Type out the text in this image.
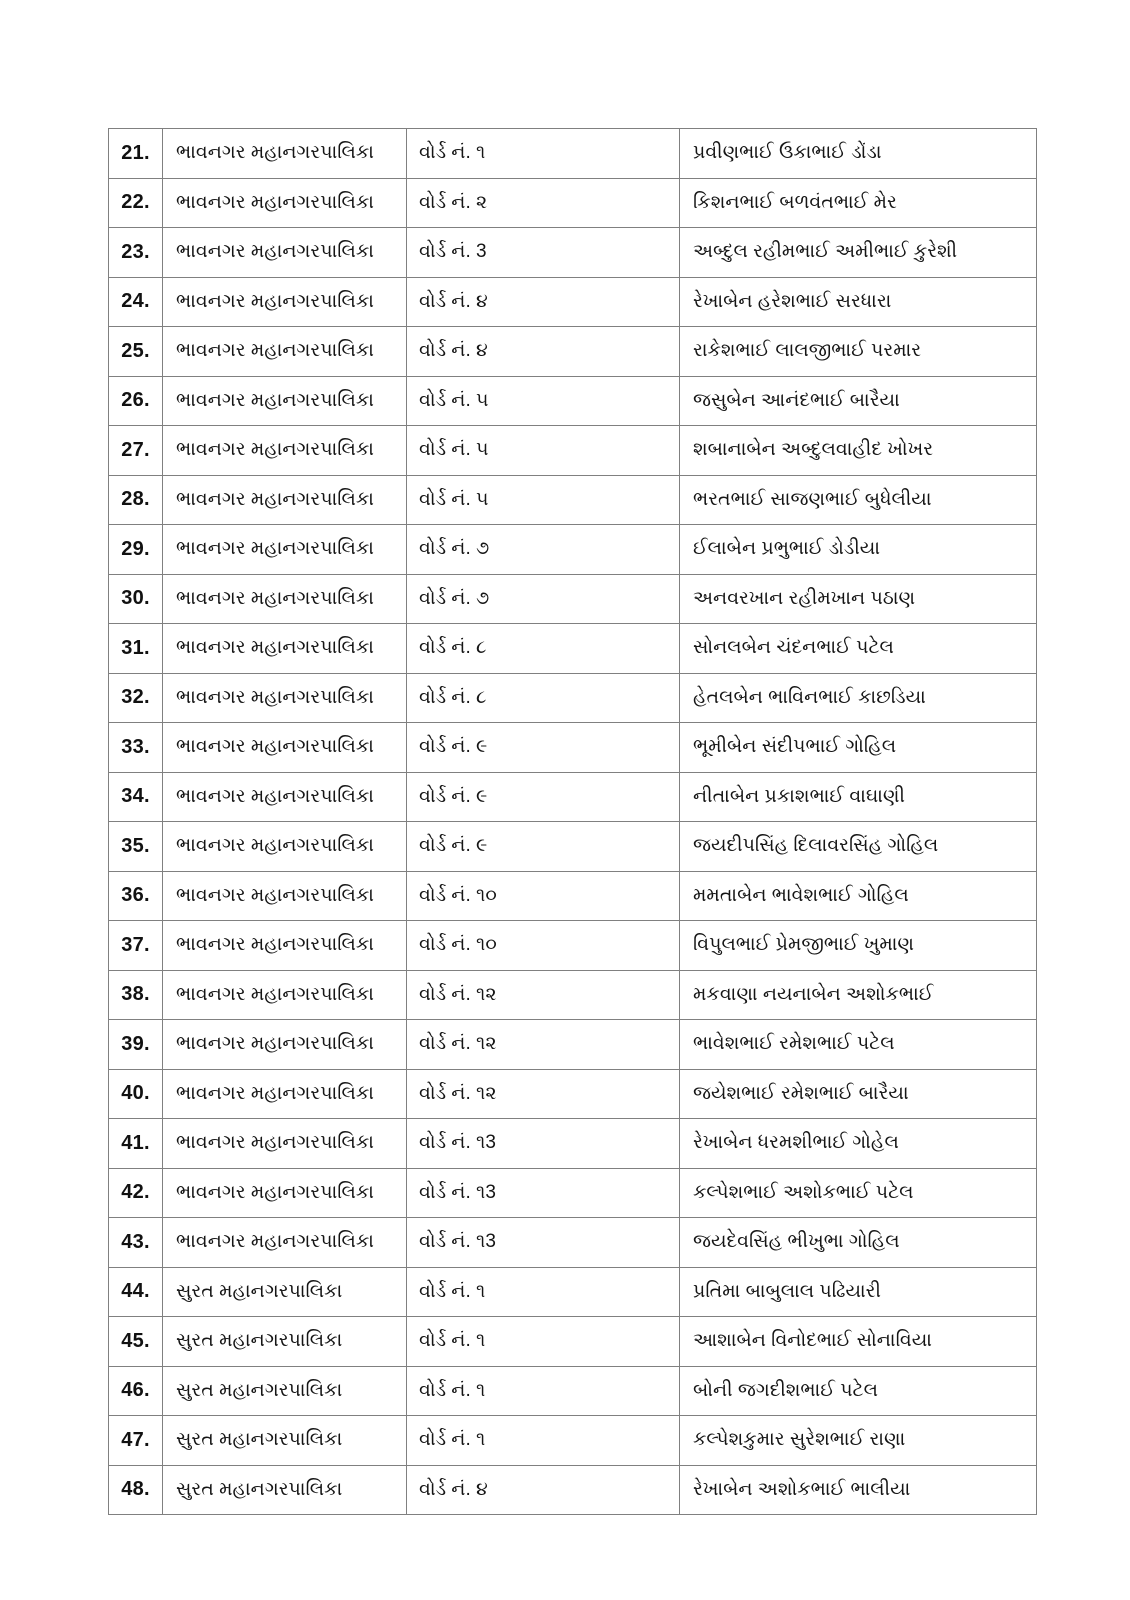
21.	ભાવનગર મહાનગરપાલિકા	વોર્ડ નં. ૧	પ્રવીણભાઈ ઉકાભાઈ ડોંડા
22.	ભાવનગર મહાનગરપાલિકા	વોર્ડ નં. ૨	કિશનભાઈ બળવંતભાઈ મેર
23.	ભાવનગર મહાનગરપાલિકા	વોર્ડ નં. 3	અબ્દુલ રહીમભાઈ અમીભાઈ કુરેશી
24.	ભાવનગર મહાનગરપાલિકા	વોર્ડ નં. ૪	રેખાબેન હરેશભાઈ સરધારા
25.	ભાવનગર મહાનગરપાલિકા	વોર્ડ નં. ૪	રાકેશભાઈ લાલજીભાઈ પરમાર
26.	ભાવનગર મહાનગરપાલિકા	વોર્ડ નં. ૫	જસુબેન આનંદભાઈ બારૈયા
27.	ભાવનગર મહાનગરપાલિકા	વોર્ડ નં. ૫	શબાનાબેન અબ્દુલવાહીદ ખોખર
28.	ભાવનગર મહાનગરપાલિકા	વોર્ડ નં. ૫	ભરતભાઈ સાજણભાઈ બુધેલીયા
29.	ભાવનગર મહાનગરપાલિકા	વોર્ડ નં. ૭	ઈલાબેન પ્રભુભાઈ ડોડીયા
30.	ભાવનગર મહાનગરપાલિકા	વોર્ડ નં. ૭	અનવરખાન રહીમખાન પઠાણ
31.	ભાવનગર મહાનગરપાલિકા	વોર્ડ નં. ૮	સોનલબેન ચંદનભાઈ પટેલ
32.	ભાવનગર મહાનગરપાલિકા	વોર્ડ નં. ૮	હેતલબેન ભાવિનભાઈ કાછડિયા
33.	ભાવનગર મહાનગરપાલિકા	વોર્ડ નં. ૯	ભૂમીબેન સંદીપભાઈ ગોહિલ
34.	ભાવનગર મહાનગરપાલિકા	વોર્ડ નં. ૯	નીતાબેન પ્રકાશભાઈ વાઘાણી
35.	ભાવનગર મહાનગરપાલિકા	વોર્ડ નં. ૯	જયદીપસિંહ દિલાવરસિંહ ગોહિલ
36.	ભાવનગર મહાનગરપાલિકા	વોર્ડ નં. ૧૦	મમતાબેન ભાવેશભાઈ ગોહિલ
37.	ભાવનગર મહાનગરપાલિકા	વોર્ડ નં. ૧૦	વિપુલભાઈ પ્રેમજીભાઈ ખુમાણ
38.	ભાવનગર મહાનગરપાલિકા	વોર્ડ નં. ૧૨	મકવાણા નયનાબેન અશોકભાઈ
39.	ભાવનગર મહાનગરપાલિકા	વોર્ડ નં. ૧૨	ભાવેશભાઈ રમેશભાઈ પટેલ
40.	ભાવનગર મહાનગરપાલિકા	વોર્ડ નં. ૧૨	જયેશભાઈ રમેશભાઈ બારૈયા
41.	ભાવનગર મહાનગરપાલિકા	વોર્ડ નં. ૧3	રેખાબેન ધરમશીભાઈ ગોહેલ
42.	ભાવનગર મહાનગરપાલિકા	વોર્ડ નં. ૧3	કલ્પેશભાઈ અશોકભાઈ પટેલ
43.	ભાવનગર મહાનગરપાલિકા	વોર્ડ નં. ૧3	જયદેવસિંહ ભીખુભા ગોહિલ
44.	સુરત મહાનગરપાલિકા	વોર્ડ નં. ૧	પ્રતિમા બાબુલાલ પઢિયારી
45.	સુરત મહાનગરપાલિકા	વોર્ડ નં. ૧	આશાબેન વિનોદભાઈ સોનાવિયા
46.	સુરત મહાનગરપાલિકા	વોર્ડ નં. ૧	બોની જગદીશભાઈ પટેલ
47.	સુરત મહાનગરપાલિકા	વોર્ડ નં. ૧	કલ્પેશકુમાર સુરેશભાઈ રાણા
48.	સુરત મહાનગરપાલિકા	વોર્ડ નં. ૪	રેખાબેન અશોકભાઈ ભાલીયા
